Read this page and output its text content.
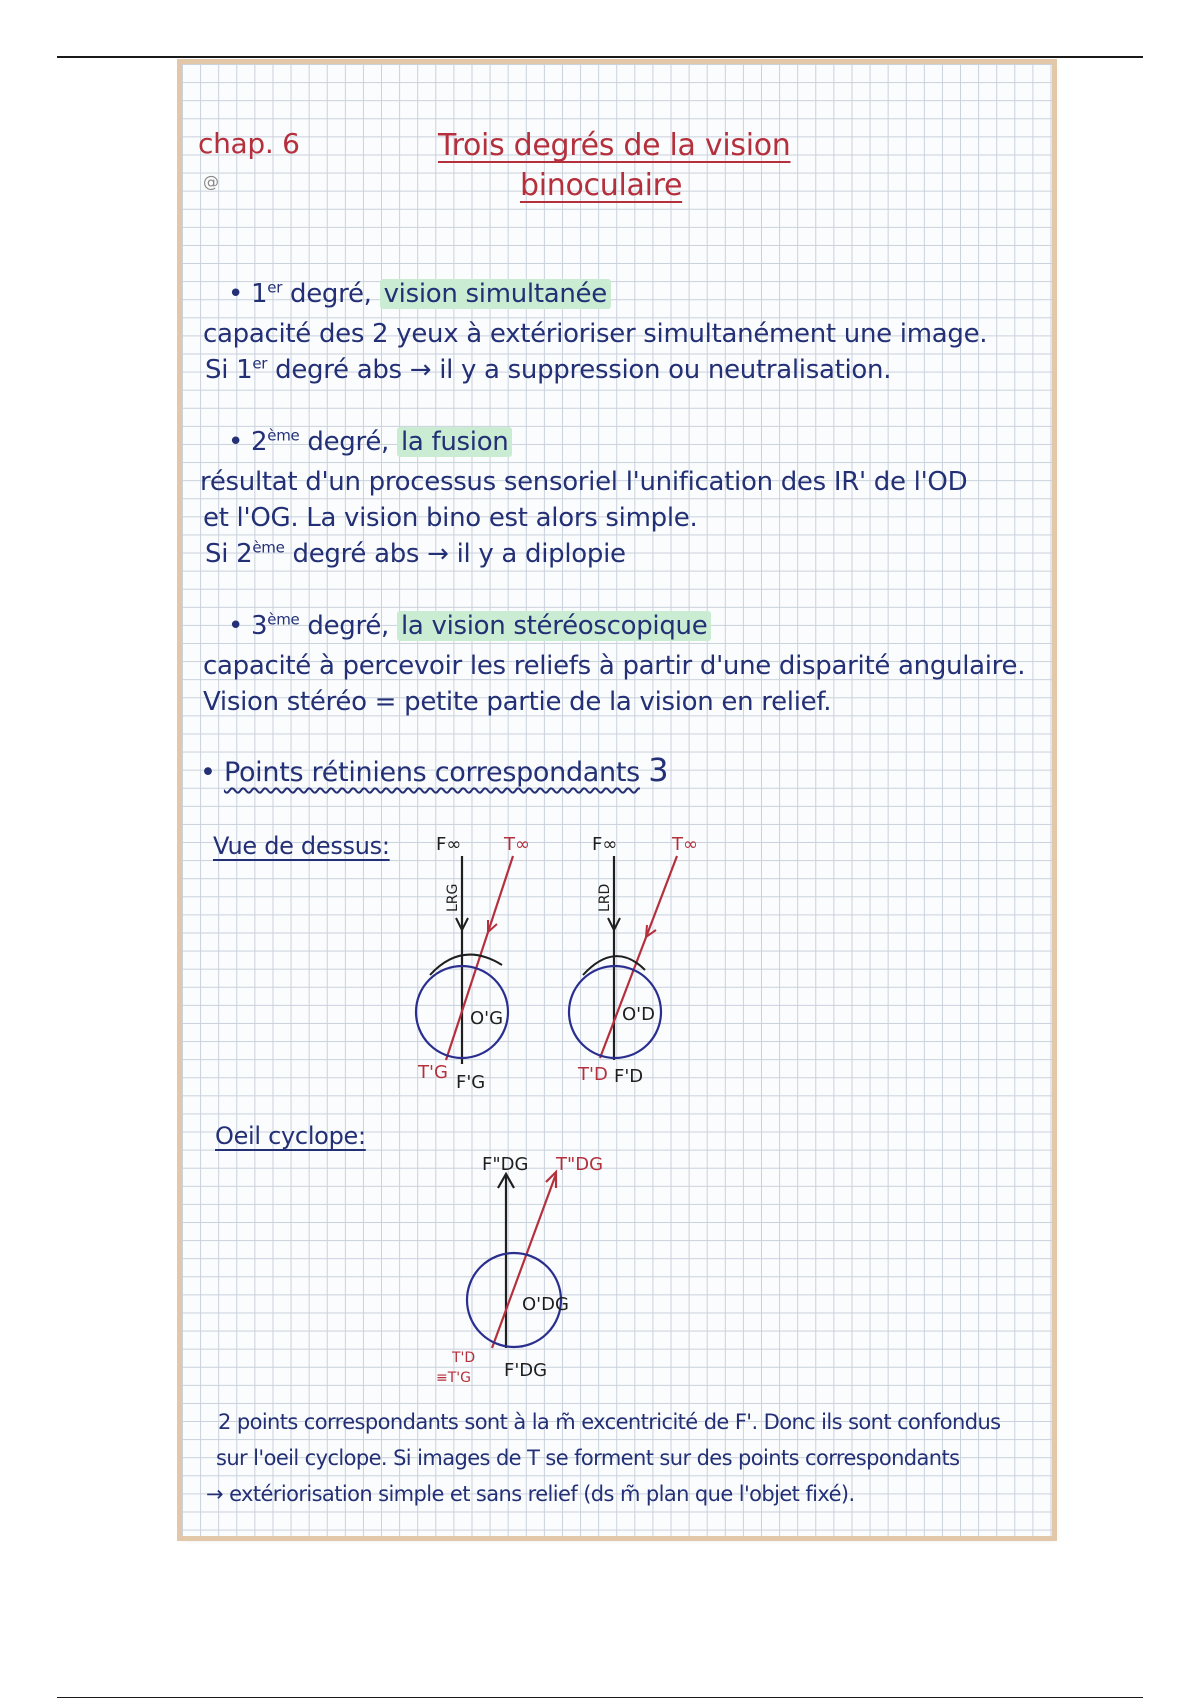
chap. 6
@
Trois degrés de la vision
binoculaire
• 1er degré, vision simultanée
capacité des 2 yeux à extérioriser simultanément une image.
Si 1er degré abs → il y a suppression ou neutralisation.
• 2ème degré, la fusion
résultat d'un processus sensoriel l'unification des IR' de l'OD
et l'OG. La vision bino est alors simple.
Si 2ème degré abs → il y a diplopie
• 3ème degré, la vision stéréoscopique
capacité à percevoir les reliefs à partir d'une disparité angulaire.
Vision stéréo = petite partie de la vision en relief.
• Points rétiniens correspondants 3
Vue de dessus:	F∞ T∞
LRG
O'G
T'G F'G
F∞	T∞
LRD
O'D
T'D F'D
Oeil cyclope:
F"DG T"DG
O'DG
T'D
≡T'G F'DG
2 points correspondants sont à la m̃ excentricité de F'. Donc ils sont confondus
sur l'oeil cyclope. Si images de T se forment sur des points correspondants
→ extériorisation simple et sans relief (ds m̃ plan que l'objet fixé).
